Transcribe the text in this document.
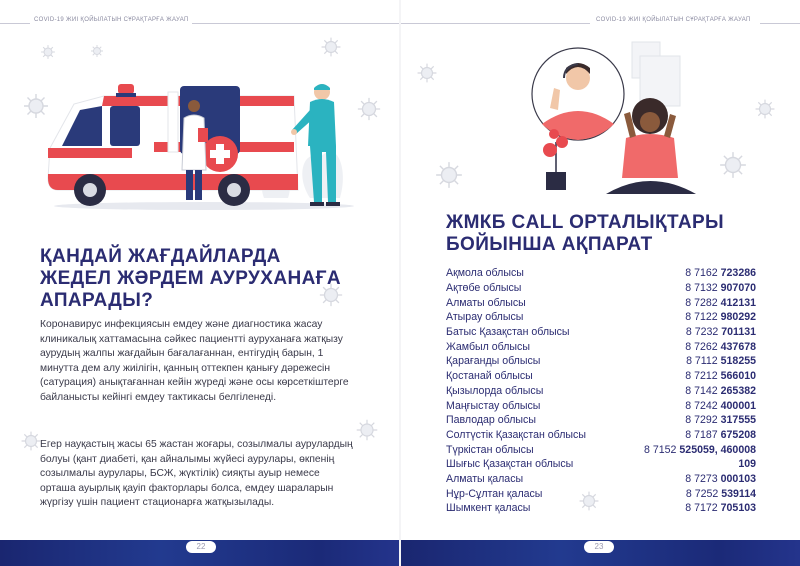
COVID-19 ЖИІ ҚОЙЫЛАТЫН СҰРАҚТАРҒА ЖАУАП
ҚАНДАЙ ЖАҒДАЙЛАРДА
ЖЕДЕЛ ЖӘРДЕМ АУРУХАНАҒА
АПАРАДЫ?

Коронавирус инфекциясын емдеу және диагностика жасау клиникалық хаттамасына сәйкес пациентті ауруханаға жатқызу аурудың жалпы жағдайын бағалағаннан, ентігудің барын, 1 минутта дем алу жиілігін, қанның оттекпен қанығу дәрежесін (сатурация) анықтағаннан кейін жүреді және осы көрсеткіштерге байланысты кейінгі емдеу тактикасы белгіленеді.

Егер науқастың жасы 65 жастан жоғары, созылмалы аурулардың болуы (қант диабеті, қан айналымы жүйесі аурулары, өкпенің созылмалы аурулары, БСЖ, жүктілік) сияқты ауыр немесе орташа ауырлық қауіп факторлары болса, емдеу шараларын жүргізу үшін пациент стационарға жатқызылады.

22
COVID-19 ЖИІ ҚОЙЫЛАТЫН СҰРАҚТАРҒА ЖАУАП
ЖМКБ CALL ОРТАЛЫҚТАРЫ
БОЙЫНША АҚПАРАТ
Ақмола облысы	8 7162 723286
Ақтөбе облысы	8 7132 907070
Алматы облысы	8 7282 412131
Атырау облысы	8 7122 980292
Батыс Қазақстан облысы	8 7232 701131
Жамбыл облысы	8 7262 437678
Қарағанды облысы	8 7112 518255
Қостанай облысы	8 7212 566010
Қызылорда облысы	8 7142 265382
Маңғыстау облысы	8 7242 400001
Павлодар облысы	8 7292 317555
Солтүстік Қазақстан облысы	8 7187 675208
Түркістан облысы	8 7152 525059, 460008
Шығыс Қазақстан облысы	109
Алматы қаласы	8 7273 000103
Нұр-Сұлтан қаласы	8 7252 539114
Шымкент қаласы	8 7172 705103
23
